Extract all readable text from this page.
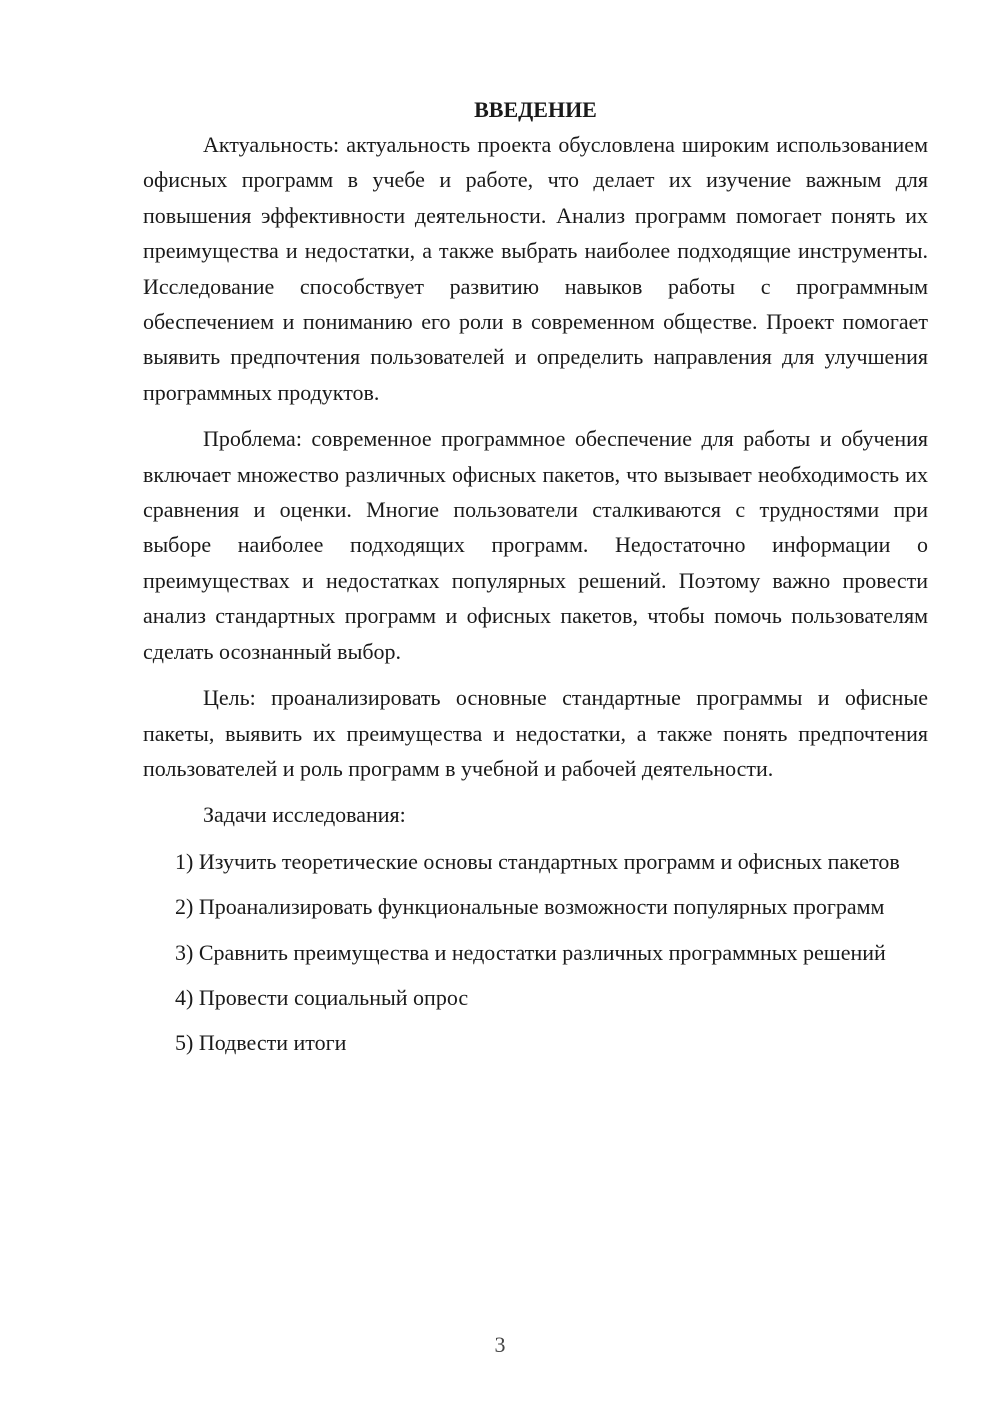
ВВЕДЕНИЕ

Актуальность: актуальность проекта обусловлена широким использованием офисных программ в учебе и работе, что делает их изучение важным для повышения эффективности деятельности. Анализ программ помогает понять их преимущества и недостатки, а также выбрать наиболее подходящие инструменты. Исследование способствует развитию навыков работы с программным обеспечением и пониманию его роли в современном обществе. Проект помогает выявить предпочтения пользователей и определить направления для улучшения программных продуктов.

Проблема: современное программное обеспечение для работы и обучения включает множество различных офисных пакетов, что вызывает необходимость их сравнения и оценки. Многие пользователи сталкиваются с трудностями при выборе наиболее подходящих программ. Недостаточно информации о преимуществах и недостатках популярных решений. Поэтому важно провести анализ стандартных программ и офисных пакетов, чтобы помочь пользователям сделать осознанный выбор.

Цель: проанализировать основные стандартные программы и офисные пакеты, выявить их преимущества и недостатки, а также понять предпочтения пользователей и роль программ в учебной и рабочей деятельности.

Задачи исследования:

1) Изучить теоретические основы стандартных программ и офисных пакетов

2) Проанализировать функциональные возможности популярных программ

3) Сравнить преимущества и недостатки различных программных решений

4) Провести социальный опрос

5) Подвести итоги

3
